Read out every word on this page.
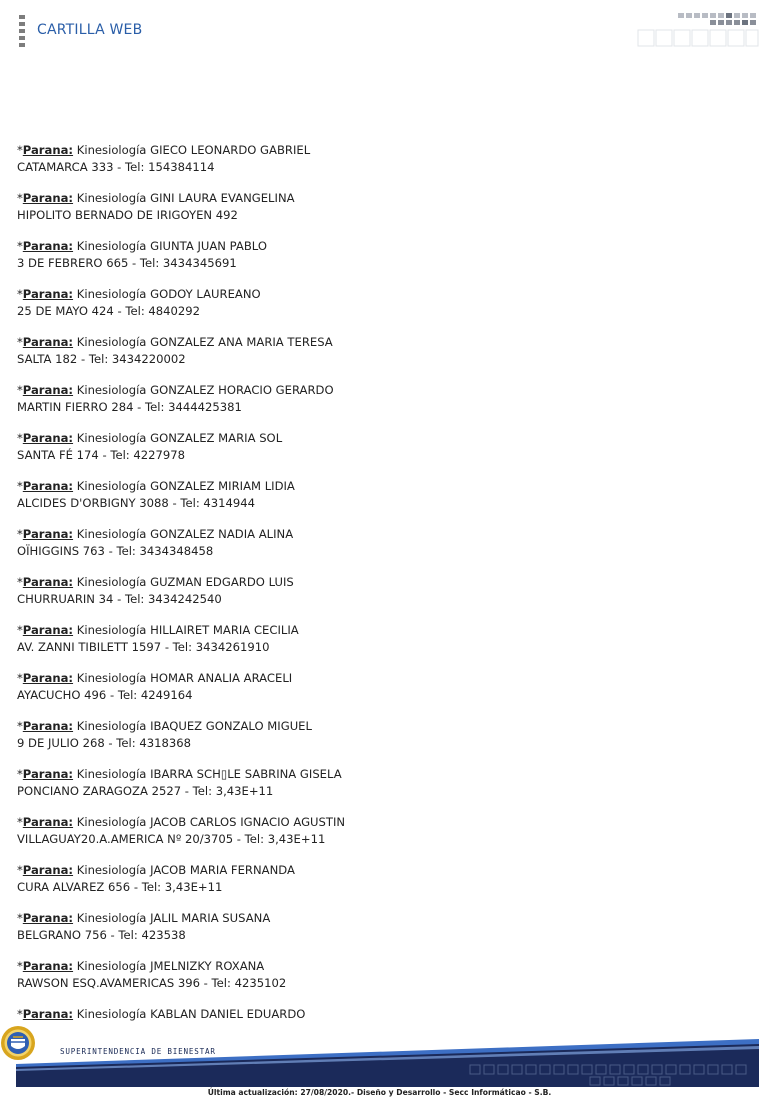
CARTILLA WEB
*Parana: Kinesiología GIECO LEONARDO GABRIEL
CATAMARCA 333 - Tel: 154384114
*Parana: Kinesiología GINI LAURA EVANGELINA
HIPOLITO BERNADO DE IRIGOYEN 492
*Parana: Kinesiología GIUNTA JUAN PABLO
3 DE FEBRERO 665 - Tel: 3434345691
*Parana: Kinesiología GODOY LAUREANO
25 DE MAYO 424 - Tel: 4840292
*Parana: Kinesiología GONZALEZ ANA MARIA TERESA
SALTA 182 - Tel: 3434220002
*Parana: Kinesiología GONZALEZ HORACIO GERARDO
MARTIN FIERRO 284 - Tel: 3444425381
*Parana: Kinesiología GONZALEZ MARIA SOL
SANTA FÉ 174 - Tel: 4227978
*Parana: Kinesiología GONZALEZ MIRIAM LIDIA
ALCIDES D'ORBIGNY 3088 - Tel: 4314944
*Parana: Kinesiología GONZALEZ NADIA ALINA
OÏHIGGINS 763 - Tel: 3434348458
*Parana: Kinesiología GUZMAN EDGARDO LUIS
CHURRUARIN 34 - Tel: 3434242540
*Parana: Kinesiología HILLAIRET MARIA CECILIA
AV. ZANNI TIBILETT 1597 - Tel: 3434261910
*Parana: Kinesiología HOMAR ANALIA ARACELI
AYACUCHO 496 - Tel: 4249164
*Parana: Kinesiología IBAQUEZ GONZALO MIGUEL
9 DE JULIO 268 - Tel: 4318368
*Parana: Kinesiología IBARRA SCH▯LE SABRINA GISELA
PONCIANO ZARAGOZA 2527 - Tel: 3,43E+11
*Parana: Kinesiología JACOB CARLOS IGNACIO AGUSTIN
VILLAGUAY20.A.AMERICA Nº 20/3705 - Tel: 3,43E+11
*Parana: Kinesiología JACOB MARIA FERNANDA
CURA ALVAREZ 656 - Tel: 3,43E+11
*Parana: Kinesiología JALIL MARIA SUSANA
BELGRANO 756 - Tel: 423538
*Parana: Kinesiología JMELNIZKY ROXANA
RAWSON ESQ.AVAMERICAS 396 - Tel: 4235102
*Parana: Kinesiología KABLAN DANIEL EDUARDO
SUPERINTENDENCIA DE BIENESTAR
Última actualización: 27/08/2020.- Diseño y Desarrollo - Secc Informáticao - S.B.
